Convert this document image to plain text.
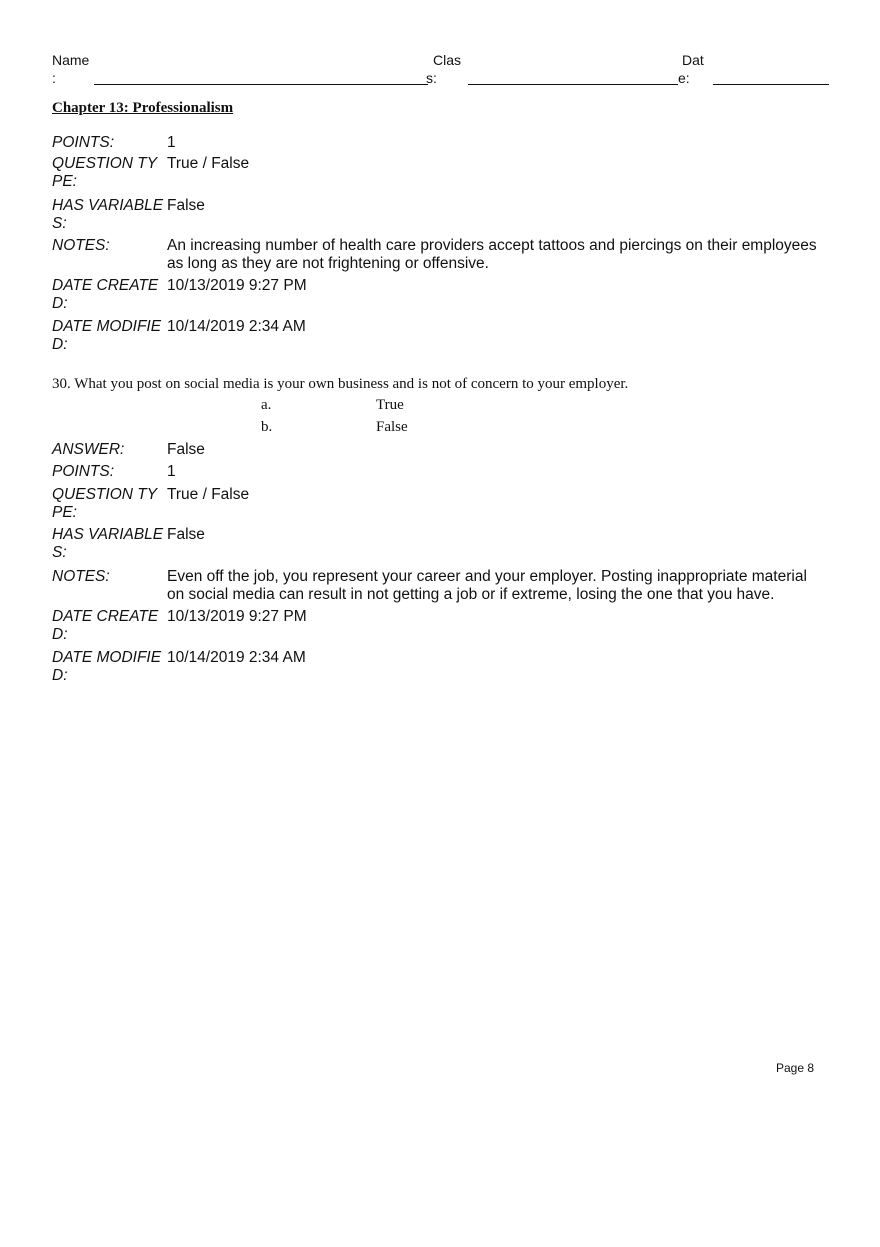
Name
:
Clas
s:
Dat
e:
Chapter 13: Professionalism
POINTS:	1
QUESTION TYPE:
True / False
HAS VARIABLES:
False
NOTES:	An increasing number of health care providers accept tattoos and piercings on their employees as long as they are not frightening or offensive.
DATE CREATED:
10/13/2019 9:27 PM
DATE MODIFIED:
10/14/2019 2:34 AM
30. What you post on social media is your own business and is not of concern to your employer.
a.	True
b.	False
ANSWER:	False
POINTS:	1
QUESTION TYPE:
True / False
HAS VARIABLES:
False
NOTES:	Even off the job, you represent your career and your employer. Posting inappropriate material on social media can result in not getting a job or if extreme, losing the one that you have.
DATE CREATED:
10/13/2019 9:27 PM
DATE MODIFIED:
10/14/2019 2:34 AM
Page 8
